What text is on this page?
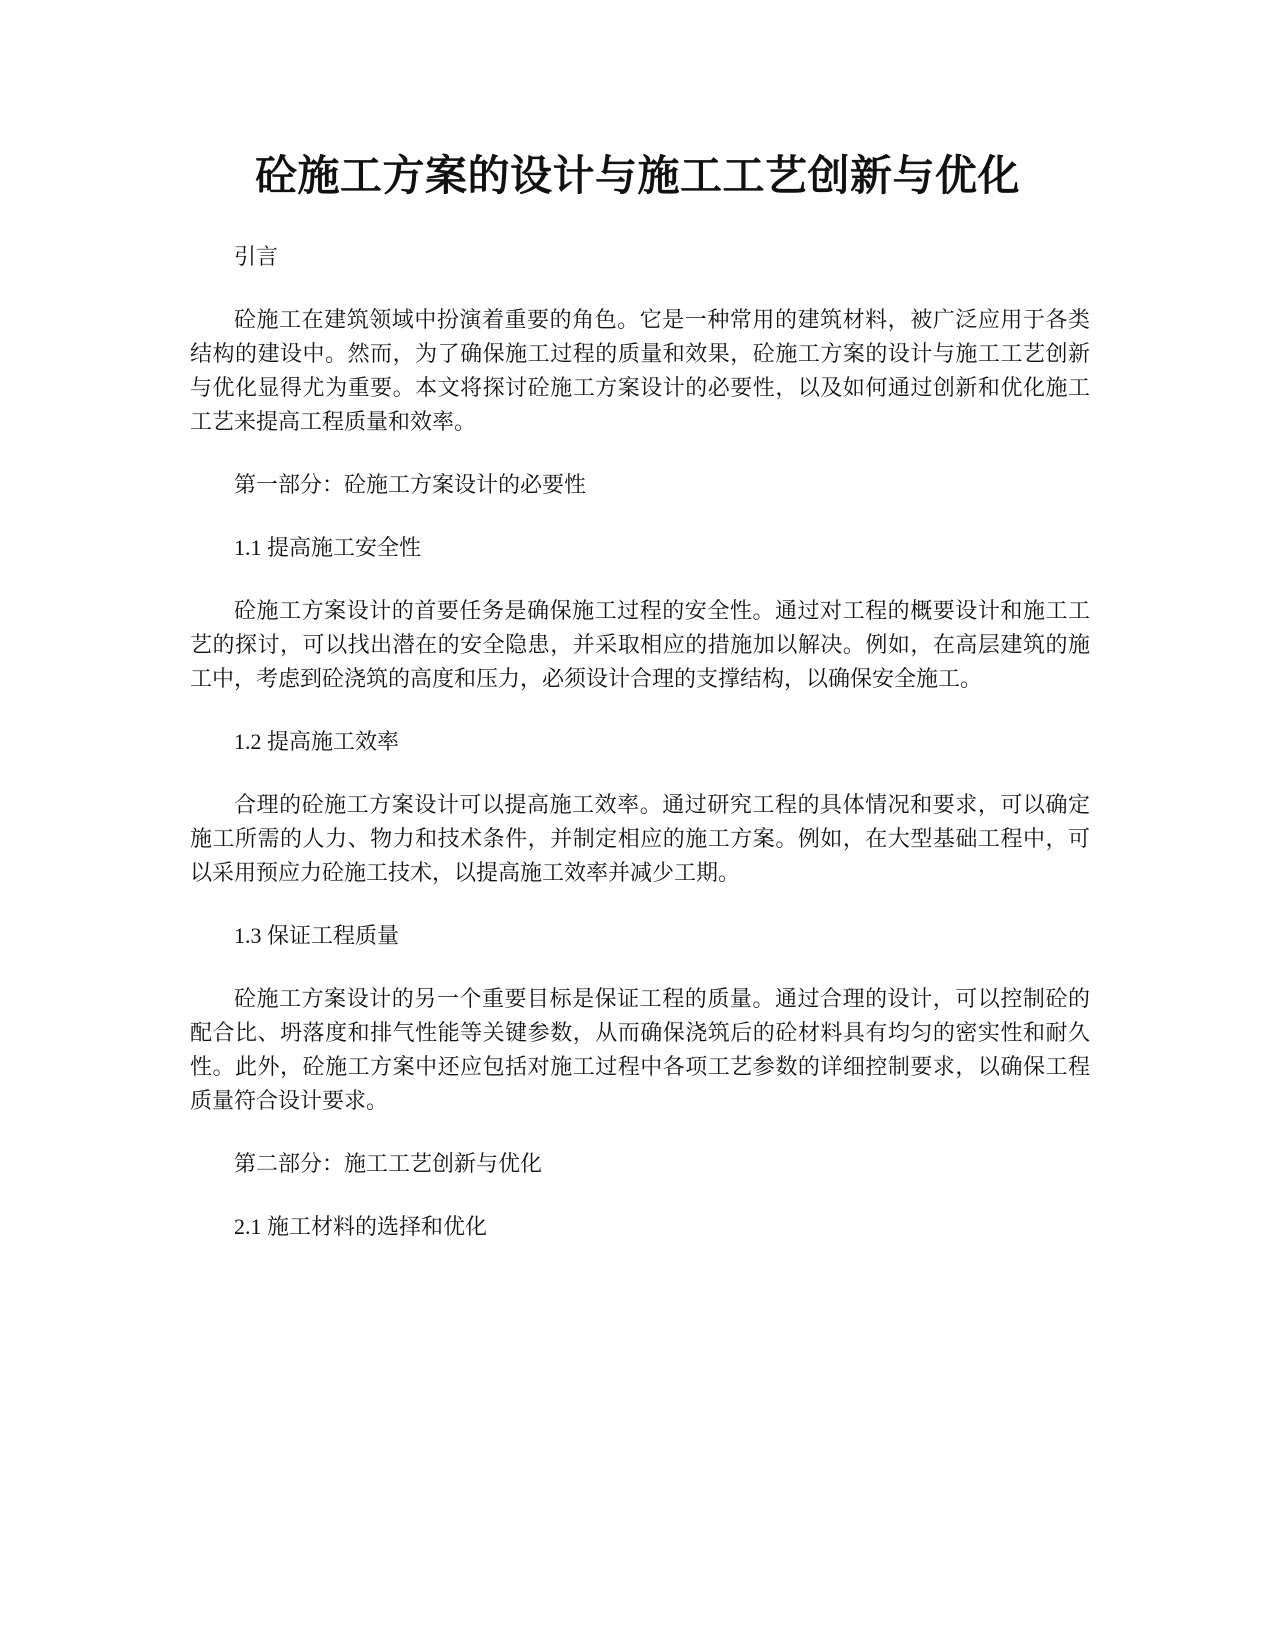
砼施工方案的设计与施工工艺创新与优化

引言

砼施工在建筑领域中扮演着重要的角色。它是一种常用的建筑材料，被广泛应用于各类结构的建设中。然而，为了确保施工过程的质量和效果，砼施工方案的设计与施工工艺创新与优化显得尤为重要。本文将探讨砼施工方案设计的必要性，以及如何通过创新和优化施工工艺来提高工程质量和效率。

第一部分：砼施工方案设计的必要性

1.1 提高施工安全性

砼施工方案设计的首要任务是确保施工过程的安全性。通过对工程的概要设计和施工工艺的探讨，可以找出潜在的安全隐患，并采取相应的措施加以解决。例如，在高层建筑的施工中，考虑到砼浇筑的高度和压力，必须设计合理的支撑结构，以确保安全施工。

1.2 提高施工效率

合理的砼施工方案设计可以提高施工效率。通过研究工程的具体情况和要求，可以确定施工所需的人力、物力和技术条件，并制定相应的施工方案。例如，在大型基础工程中，可以采用预应力砼施工技术，以提高施工效率并减少工期。

1.3 保证工程质量

砼施工方案设计的另一个重要目标是保证工程的质量。通过合理的设计，可以控制砼的配合比、坍落度和排气性能等关键参数，从而确保浇筑后的砼材料具有均匀的密实性和耐久性。此外，砼施工方案中还应包括对施工过程中各项工艺参数的详细控制要求，以确保工程质量符合设计要求。

第二部分：施工工艺创新与优化

2.1 施工材料的选择和优化
